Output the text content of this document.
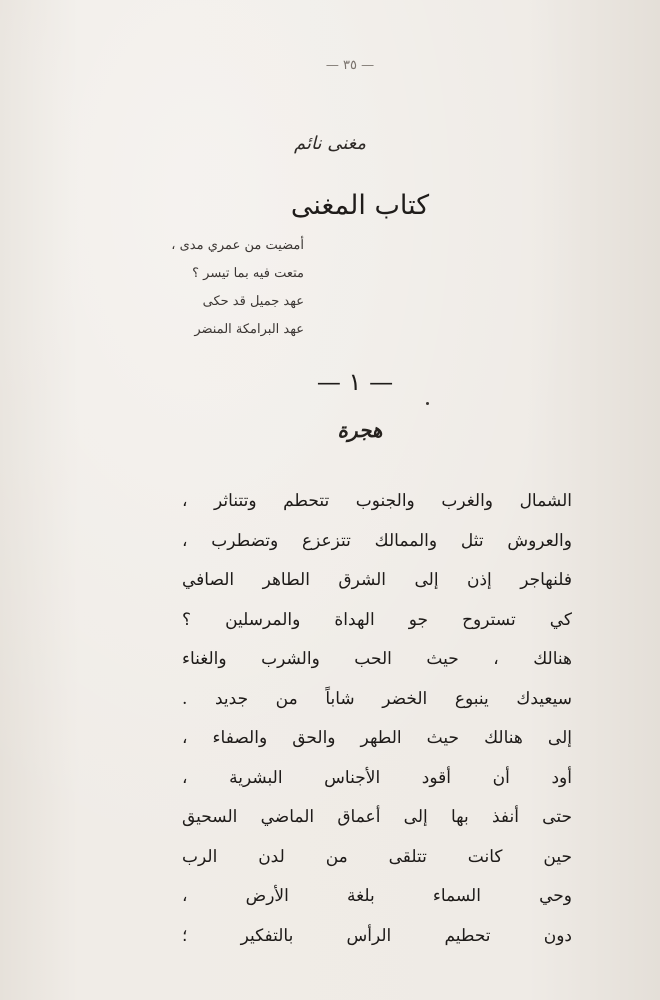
— ٣٥ —
مغنى نائم
كتاب المغنى
أمضيت من عمري مدى ،
متعت فيه بما تيسر ؟
عهد جميل قد حكى
عهد البرامكة المنضر
— ١ —
هجرة
الشمال والغرب والجنوب تتحطم وتتناثر ،
والعروش تثل والممالك تتزعزع وتضطرب ،
فلنهاجر إذن إلى الشرق الطاهر الصافي
كي تستروح جو الهداة والمرسلين ؟
هنالك ، حيث الحب والشرب والغناء
سيعيدك ينبوع الخضر شاباً من جديد .
إلى هنالك حيث الطهر والحق والصفاء ،
أود أن أقود الأجناس البشرية ،
حتى أنفذ بها إلى أعماق الماضي السحيق
حين كانت تتلقى من لدن الرب
وحي السماء بلغة الأرض ،
دون تحطيم الرأس بالتفكير ؛
